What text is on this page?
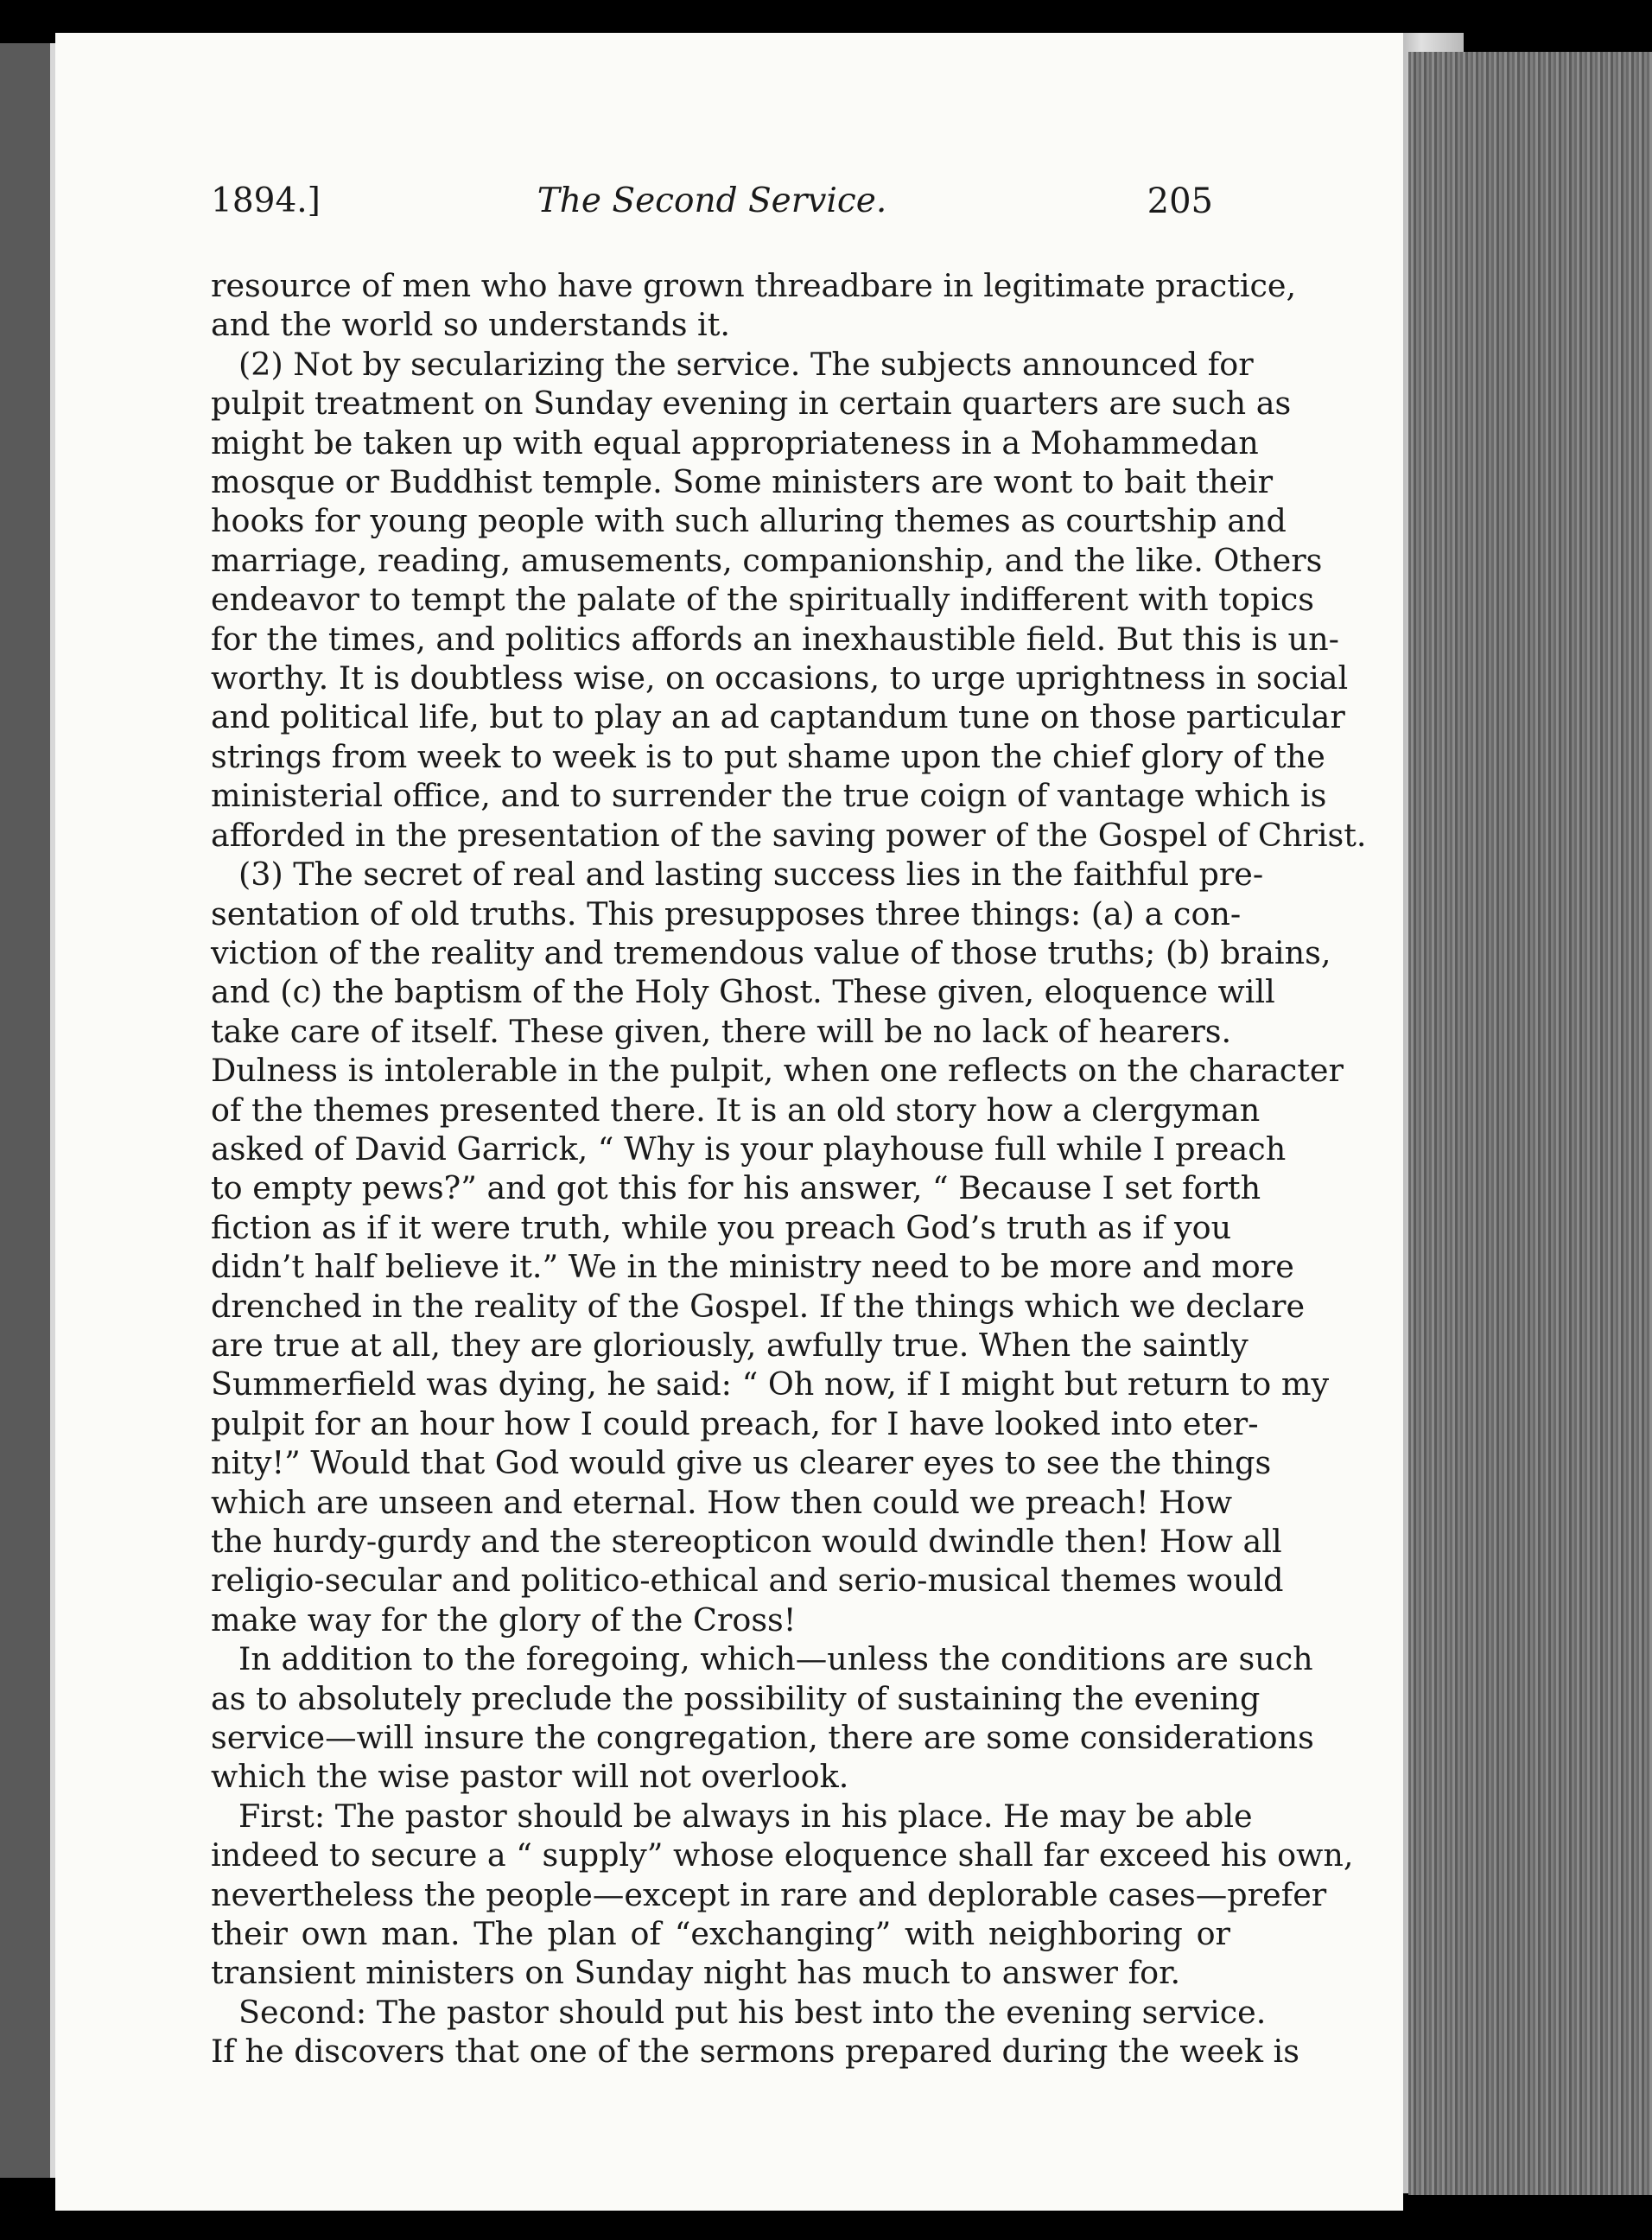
1894.]	The Second Service.	205
resource of men who have grown threadbare in legitimate practice,
and the world so understands it.
(2) Not by secularizing the service. The subjects announced for
pulpit treatment on Sunday evening in certain quarters are such as
might be taken up with equal appropriateness in a Mohammedan
mosque or Buddhist temple. Some ministers are wont to bait their
hooks for young people with such alluring themes as courtship and
marriage, reading, amusements, companionship, and the like. Others
endeavor to tempt the palate of the spiritually indifferent with topics
for the times, and politics affords an inexhaustible field. But this is un-
worthy. It is doubtless wise, on occasions, to urge uprightness in social
and political life, but to play an ad captandum tune on those particular
strings from week to week is to put shame upon the chief glory of the
ministerial office, and to surrender the true coign of vantage which is
afforded in the presentation of the saving power of the Gospel of Christ.
(3) The secret of real and lasting success lies in the faithful pre-
sentation of old truths. This presupposes three things: (a) a con-
viction of the reality and tremendous value of those truths; (b) brains,
and (c) the baptism of the Holy Ghost. These given, eloquence will
take care of itself. These given, there will be no lack of hearers.
Dulness is intolerable in the pulpit, when one reflects on the character
of the themes presented there. It is an old story how a clergyman
asked of David Garrick, “ Why is your playhouse full while I preach
to empty pews?” and got this for his answer, “ Because I set forth
fiction as if it were truth, while you preach God’s truth as if you
didn’t half believe it.” We in the ministry need to be more and more
drenched in the reality of the Gospel. If the things which we declare
are true at all, they are gloriously, awfully true. When the saintly
Summerfield was dying, he said: “ Oh now, if I might but return to my
pulpit for an hour how I could preach, for I have looked into eter-
nity!” Would that God would give us clearer eyes to see the things
which are unseen and eternal. How then could we preach! How
the hurdy-gurdy and the stereopticon would dwindle then! How all
religio-secular and politico-ethical and serio-musical themes would
make way for the glory of the Cross!
In addition to the foregoing, which—unless the conditions are such
as to absolutely preclude the possibility of sustaining the evening
service—will insure the congregation, there are some considerations
which the wise pastor will not overlook.
First: The pastor should be always in his place. He may be able
indeed to secure a “ supply” whose eloquence shall far exceed his own,
nevertheless the people—except in rare and deplorable cases—prefer
their own man. The plan of “exchanging” with neighboring or
transient ministers on Sunday night has much to answer for.
Second: The pastor should put his best into the evening service.
If he discovers that one of the sermons prepared during the week is
